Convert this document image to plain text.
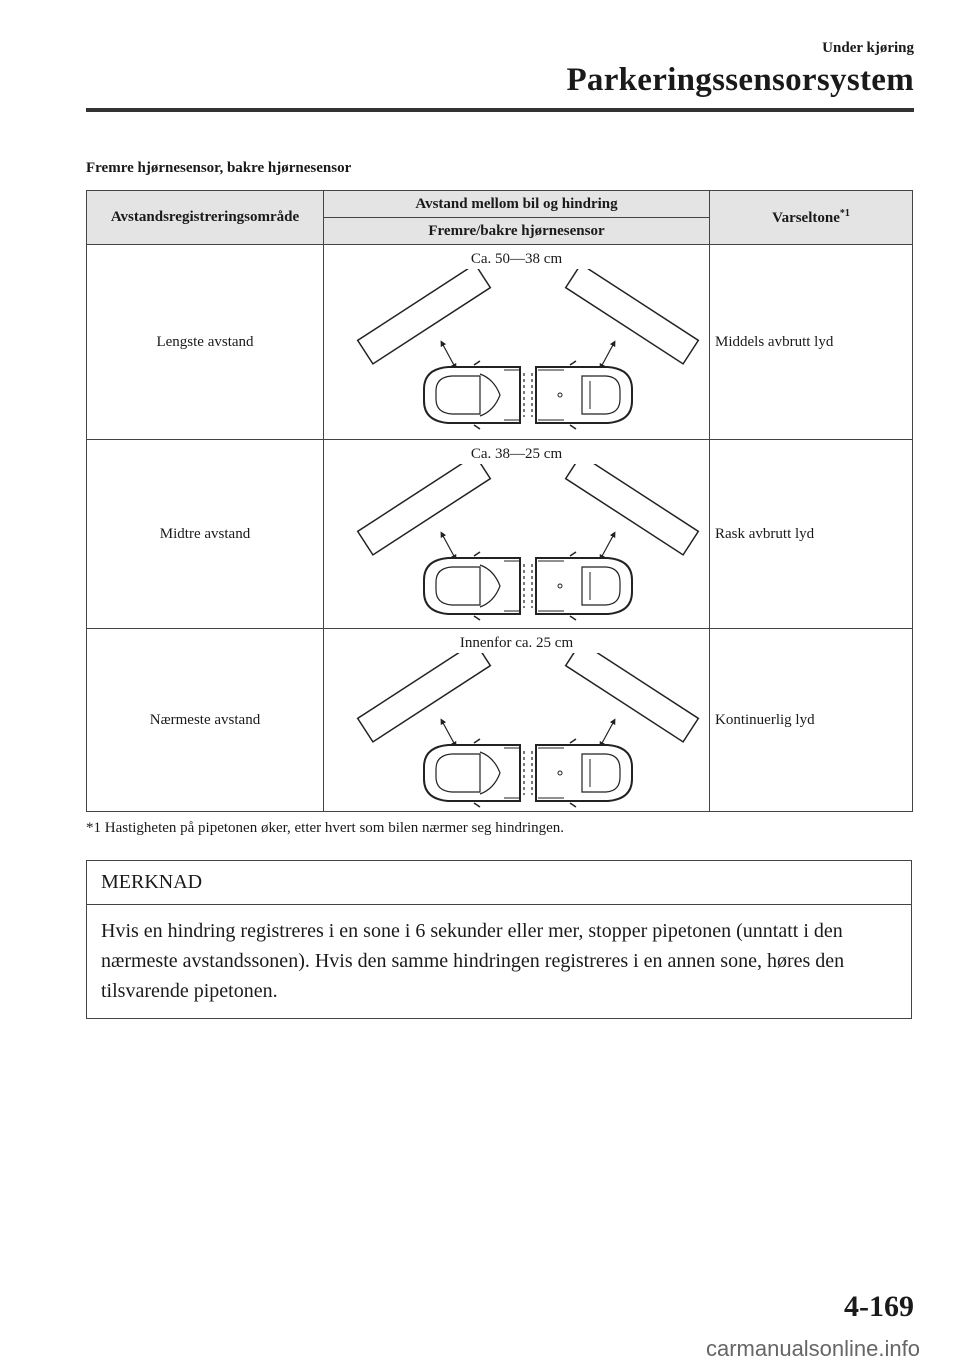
Under kjøring
Parkeringssensorsystem
Fremre hjørnesensor, bakre hjørnesensor
Avstandsregistreringsområde	Avstand mellom bil og hindring	Varseltone$^{*1}$
	Fremre/bakre hjørnesensor	
Lengste avstand	Ca. 50—38 cm	Middels avbrutt lyd
Midtre avstand	Ca. 38—25 cm	Rask avbrutt lyd
Nærmeste avstand	Innenfor ca. 25 cm	Kontinuerlig lyd
*1 Hastigheten på pipetonen øker, etter hvert som bilen nærmer seg hindringen.
MERKNAD
Hvis en hindring registreres i en sone i 6 sekunder eller mer, stopper pipetonen (unntatt i den nærmeste avstandssonen). Hvis den samme hindringen registreres i en annen sone, høres den tilsvarende pipetonen.
4-169
carmanualsonline.info
